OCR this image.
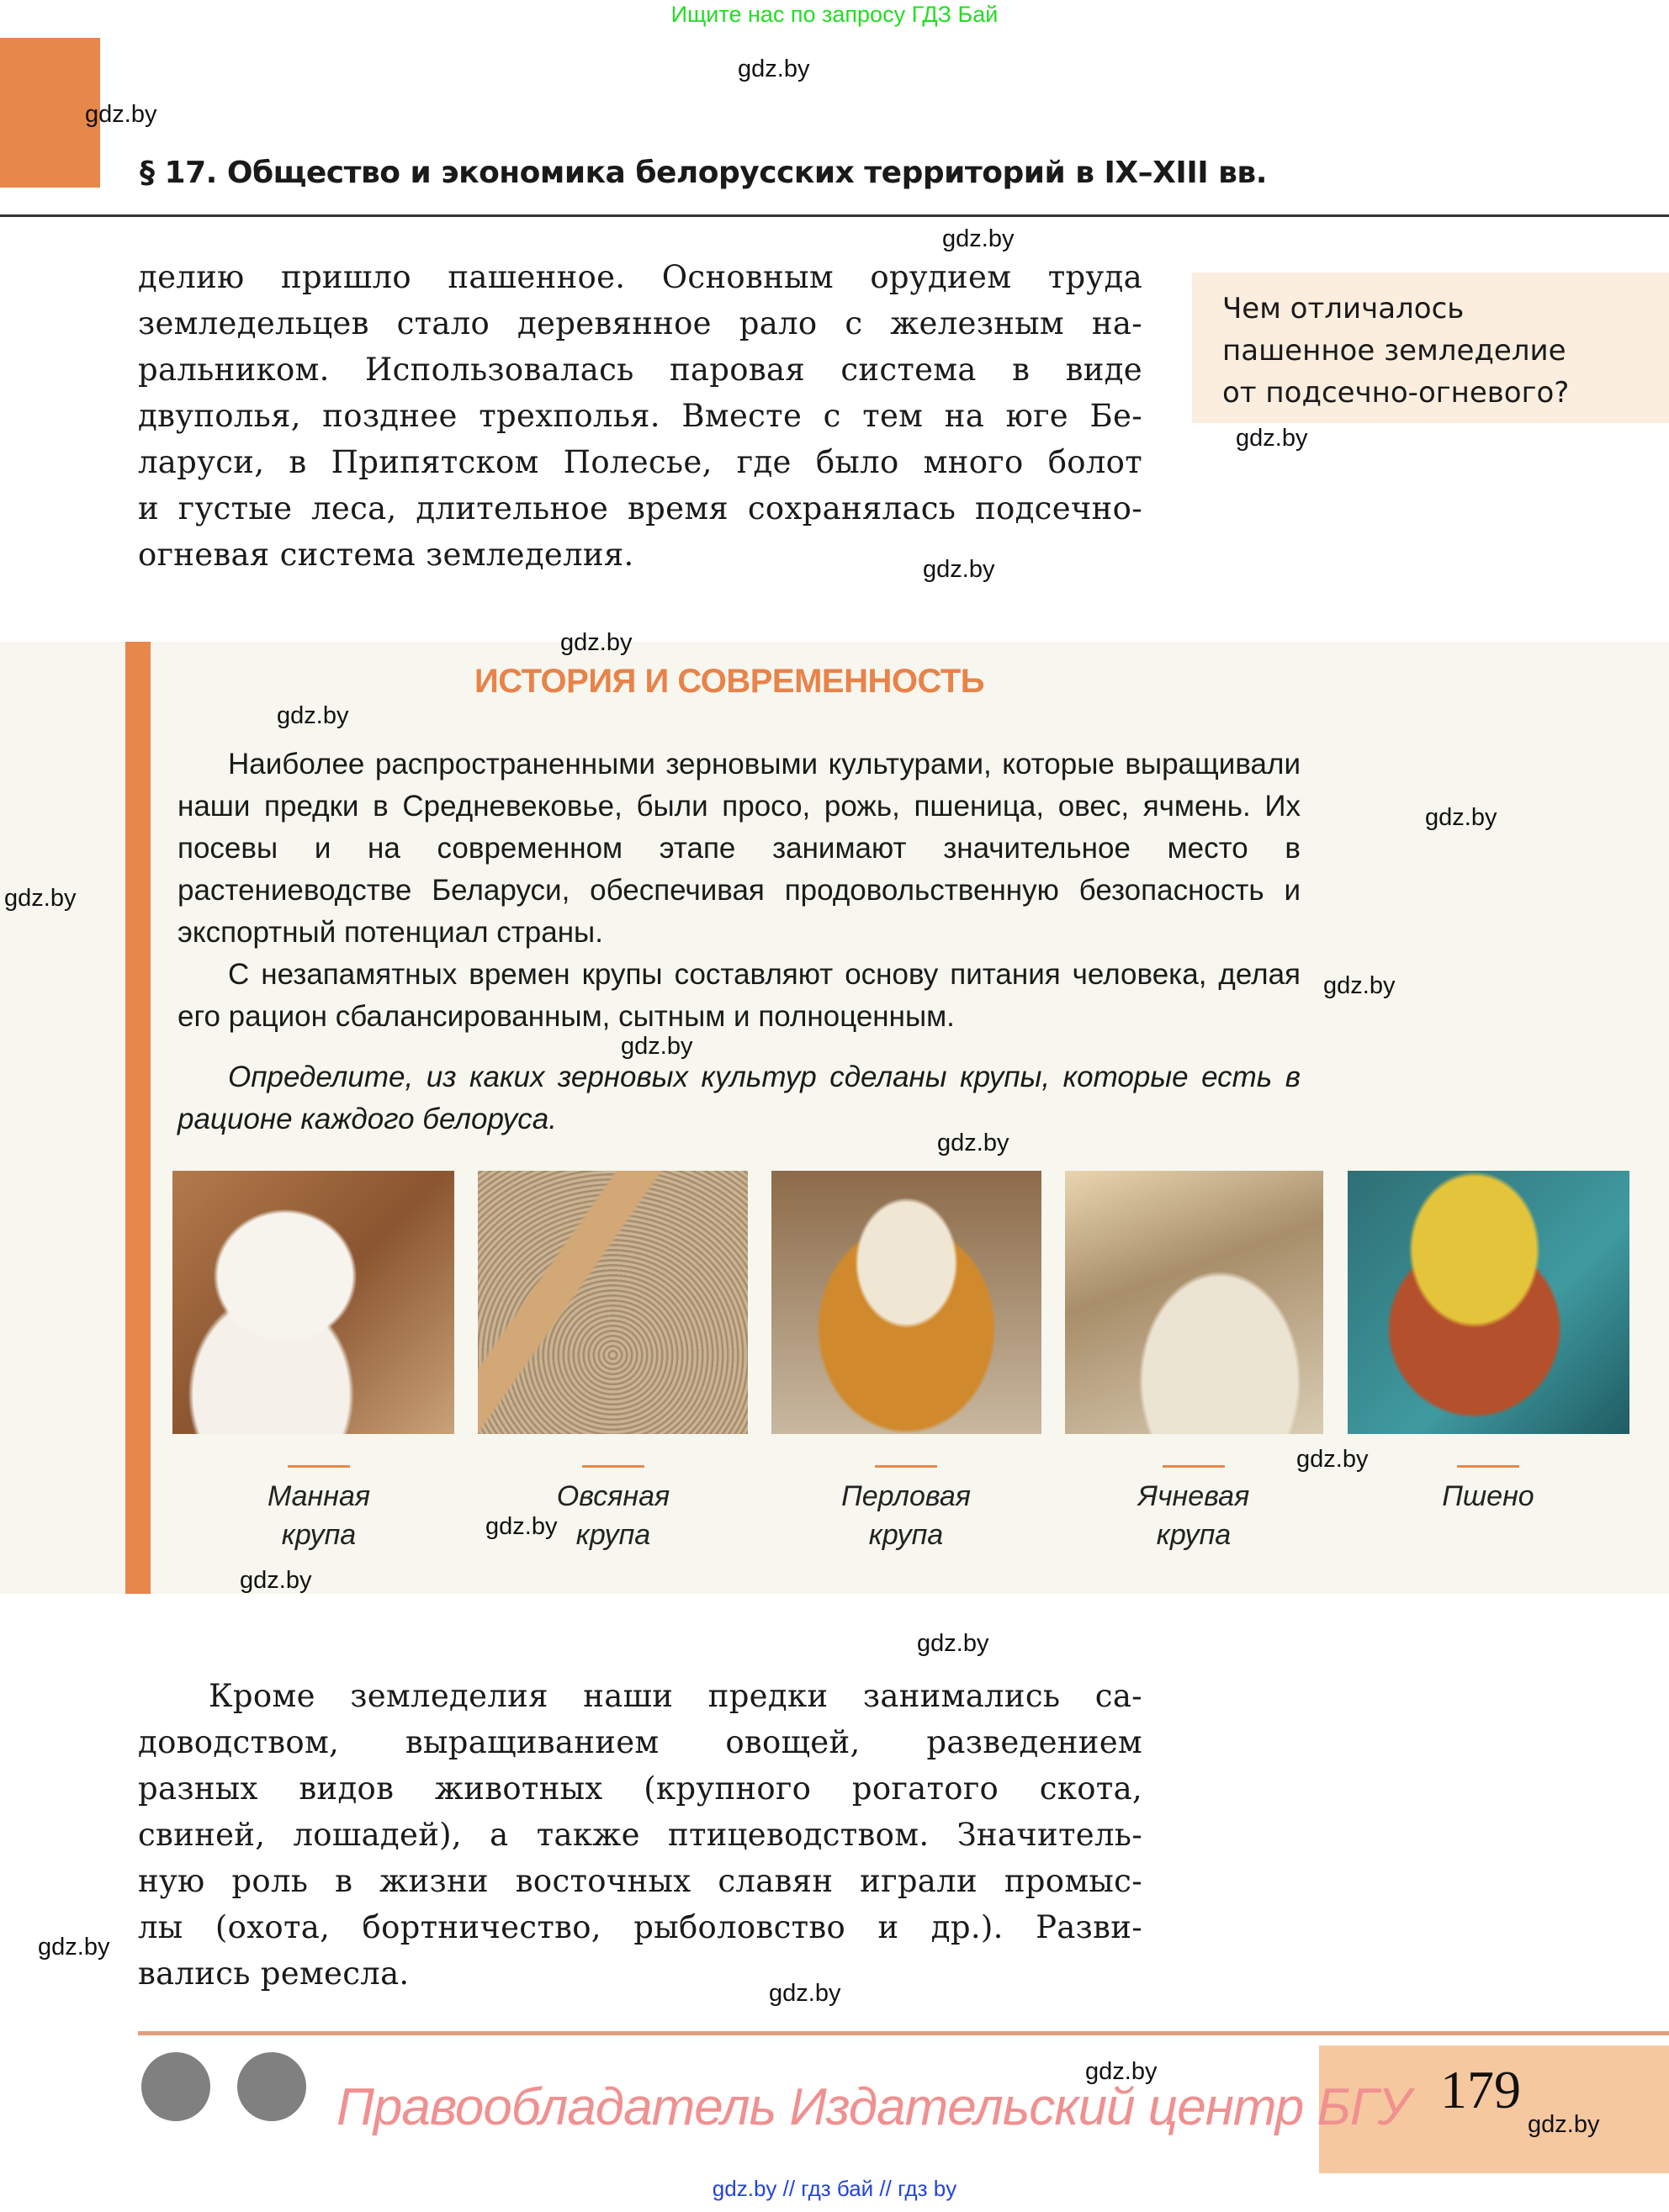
Ищите нас по запросу ГДЗ Бай
§ 17. Общество и экономика белорусских территорий в IX–XIII вв.
делию пришло пашенное. Основным орудием труда
земледельцев стало деревянное рало с железным на-
ральником. Использовалась паровая система в виде
двуполья, позднее трехполья. Вместе с тем на юге Бе-
ларуси, в Припятском Полесье, где было много болот
и густые леса, длительное время сохранялась подсечно-
огневая система земледелия.
Чем отличалось
пашенное земледелие
от подсечно-огневого?
ИСТОРИЯ И СОВРЕМЕННОСТЬ

Наиболее распространенными зерновыми культурами, которые выращивали наши предки в Средневековье, были просо, рожь, пшеница, овес, ячмень. Их посевы и на современном этапе занимают значительное место в растениеводстве Беларуси, обеспечивая продовольственную безопасность и экспортный потенциал страны.

С незапамятных времен крупы составляют основу питания человека, делая его рацион сбалансированным, сытным и полноценным.

Определите, из каких зерновых культур сделаны крупы, которые есть в рационе каждого белоруса.

Манная
крупа
Овсяная
крупа
Перловая
крупа
Ячневая
крупа
Пшено
Кроме земледелия наши предки занимались са-
доводством, выращиванием овощей, разведением
разных видов животных (крупного рогатого скота,
свиней, лошадей), а также птицеводством. Значитель-
ную роль в жизни восточных славян играли промыс-
лы (охота, бортничество, рыболовство и др.). Разви-
вались ремесла.
Правообладатель Издательский центр БГУ 179
gdz.by // гдз бай // гдз by
gdz.by
gdz.by
gdz.by
gdz.by
gdz.by
gdz.by
gdz.by
gdz.by
gdz.by
gdz.by
gdz.by
gdz.by
gdz.by
gdz.by
gdz.by
gdz.by
gdz.by
gdz.by
gdz.by
gdz.by
